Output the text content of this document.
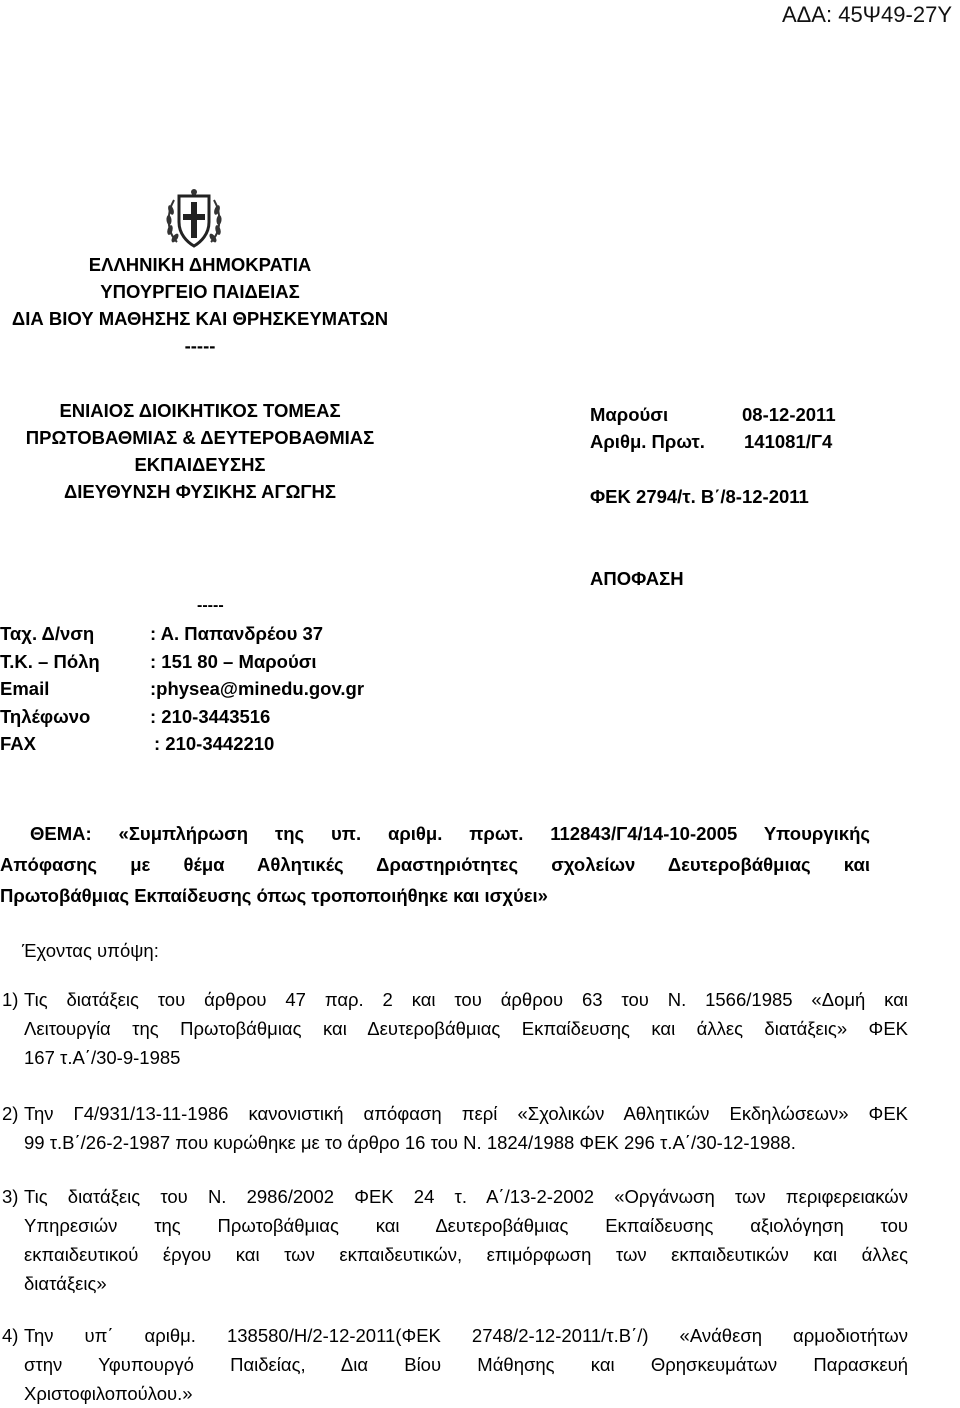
ΑΔΑ: 45Ψ49-27Υ
ΕΛΛΗΝΙΚΗ ΔΗΜΟΚΡΑΤΙΑ
ΥΠΟΥΡΓΕΙΟ ΠΑΙΔΕΙΑΣ
ΔΙΑ ΒΙΟΥ ΜΑΘΗΣΗΣ ΚΑΙ ΘΡΗΣΚΕΥΜΑΤΩΝ
-----
ΕΝΙΑΙΟΣ ΔΙΟΙΚΗΤΙΚΟΣ ΤΟΜΕΑΣ
ΠΡΩΤΟΒΑΘΜΙΑΣ & ΔΕΥΤΕΡΟΒΑΘΜΙΑΣ
ΕΚΠΑΙΔΕΥΣΗΣ
ΔΙΕΥΘΥΝΣΗ ΦΥΣΙΚΗΣ ΑΓΩΓΗΣ
Μαρούσι	08-12-2011
Αριθμ. Πρωτ. 141081/Γ4
ΦΕΚ 2794/τ. Β΄/8-12-2011
ΑΠΟΦΑΣΗ
-----
Ταχ. Δ/νση	: Α. Παπανδρέου 37
Τ.Κ. – Πόλη	: 151 80 – Μαρούσι
Email	:physea@minedu.gov.gr
Τηλέφωνο	: 210-3443516
FAX	: 210-3442210

ΘΕΜΑ: «Συμπλήρωση της υπ. αριθμ. πρωτ. 112843/Γ4/14-10-2005 Υπουργικής

Απόφασης με θέμα Αθλητικές Δραστηριότητες σχολείων Δευτεροβάθμιας και

Πρωτοβάθμιας Εκπαίδευσης όπως τροποποιήθηκε και ισχύει»

Έχοντας υπόψη:
1) Τις διατάξεις του άρθρου 47 παρ. 2 και του άρθρου 63 του Ν. 1566/1985 «Δομή και
Λειτουργία της Πρωτοβάθμιας και Δευτεροβάθμιας Εκπαίδευσης και άλλες διατάξεις» ΦΕΚ
167 τ.Α΄/30-9-1985
2) Την Γ4/931/13-11-1986 κανονιστική απόφαση περί «Σχολικών Αθλητικών Εκδηλώσεων» ΦΕΚ
99 τ.Β΄/26-2-1987 που κυρώθηκε με το άρθρο 16 του Ν. 1824/1988 ΦΕΚ 296 τ.Α΄/30-12-1988.
3) Τις διατάξεις του Ν. 2986/2002 ΦΕΚ 24 τ. Α΄/13-2-2002 «Οργάνωση των περιφερειακών
Υπηρεσιών της Πρωτοβάθμιας και Δευτεροβάθμιας Εκπαίδευσης αξιολόγηση του
εκπαιδευτικού έργου και των εκπαιδευτικών, επιμόρφωση των εκπαιδευτικών και άλλες
διατάξεις»
4) Την υπ΄ αριθμ. 138580/Η/2-12-2011(ΦΕΚ 2748/2-12-2011/τ.Β΄/) «Ανάθεση αρμοδιοτήτων
στην Υφυπουργό Παιδείας, Δια Βίου Μάθησης και Θρησκευμάτων Παρασκευή
Χριστοφιλοπούλου.»
